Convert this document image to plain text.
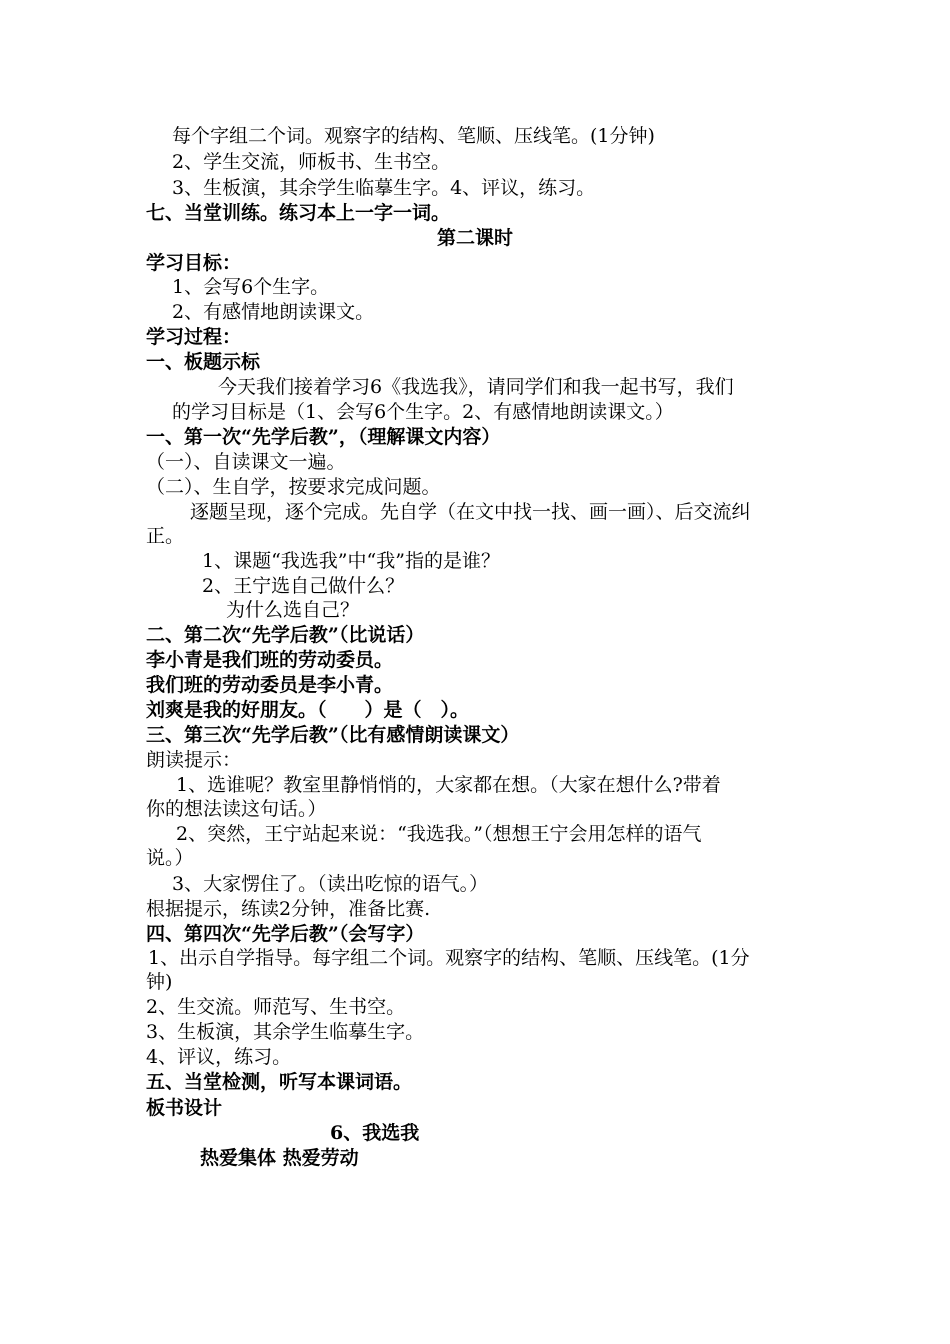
每个字组二个词。观察字的结构、笔顺、压线笔。(1分钟)
2、学生交流，师板书、生书空。
3、生板演，其余学生临摹生字。4、评议，练习。
七、当堂训练。练习本上一字一词。
第二课时
学习目标：
1、会写6个生字。
2、有感情地朗读课文。
学习过程：
一、板题示标
今天我们接着学习6《我选我》，请同学们和我一起书写，我们
的学习目标是（1、会写6个生字。2、有感情地朗读课文。）
一、第一次“先学后教”，（理解课文内容）
（一）、自读课文一遍。
（二）、生自学，按要求完成问题。
逐题呈现，逐个完成。先自学（在文中找一找、画一画）、后交流纠
正。
1、课题“我选我”中“我”指的是谁？
2、王宁选自己做什么？
为什么选自己？
二、第二次“先学后教”（比说话）
李小青是我们班的劳动委员。
我们班的劳动委员是李小青。
刘爽是我的好朋友。（　　）是（　）。
三、第三次“先学后教”（比有感情朗读课文）
朗读提示：
1、选谁呢？教室里静悄悄的，大家都在想。（大家在想什么?带着
你的想法读这句话。）
2、突然，王宁站起来说：“我选我。”（想想王宁会用怎样的语气
说。）
3、大家愣住了。（读出吃惊的语气。）
根据提示，练读2分钟，准备比赛.
四、第四次“先学后教”（会写字）
1、出示自学指导。每字组二个词。观察字的结构、笔顺、压线笔。(1分
钟)
2、生交流。师范写、生书空。
3、生板演，其余学生临摹生字。
4、评议，练习。
五、当堂检测，听写本课词语。
板书设计
6、我选我
热爱集体 热爱劳动
